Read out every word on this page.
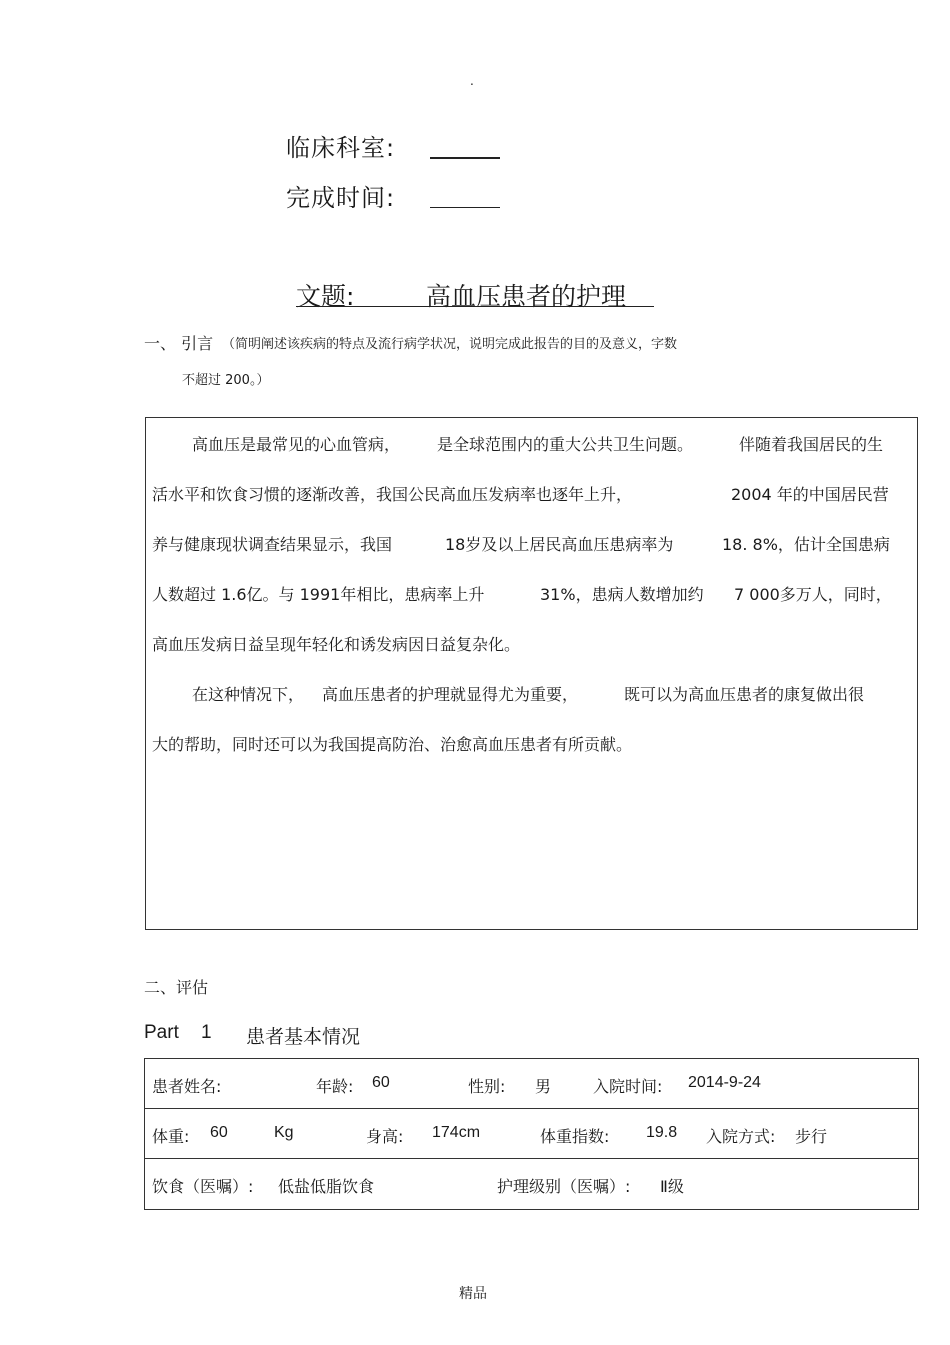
.
临床科室:
完成时间:
文题:	高血压患者的护理
一、 引言 （简明阐述该疾病的特点及流行病学状况，说明完成此报告的目的及意义，字数
不超过 200。）
高血压是最常见的心血管病， 是全球范围内的重大公共卫生问题。	伴随着我国居民的生
活水平和饮食习惯的逐渐改善，我国公民高血压发病率也逐年上升，	2004 年的中国居民营
养与健康现状调查结果显示，我国	18岁及以上居民高血压患病率为	18. 8%，估计全国患病
人数超过 1.6亿。与 1991年相比，患病率上升	31%，患病人数增加约 7 000多万人，同时，
高血压发病日益呈现年轻化和诱发病因日益复杂化。
在这种情况下， 高血压患者的护理就显得尤为重要，	既可以为高血压患者的康复做出很
大的帮助，同时还可以为我国提高防治、治愈高血压患者有所贡献。
二、评估
Part 1 患者基本情况
患者姓名:	年龄: 60	性别: 男	入院时间: 2014-9-24
体重: 60	Kg	身高: 174cm	体重指数: 19.8 入院方式: 步行
饮食（医嘱）: 低盐低脂饮食	护理级别（医嘱）: Ⅱ级
精品
